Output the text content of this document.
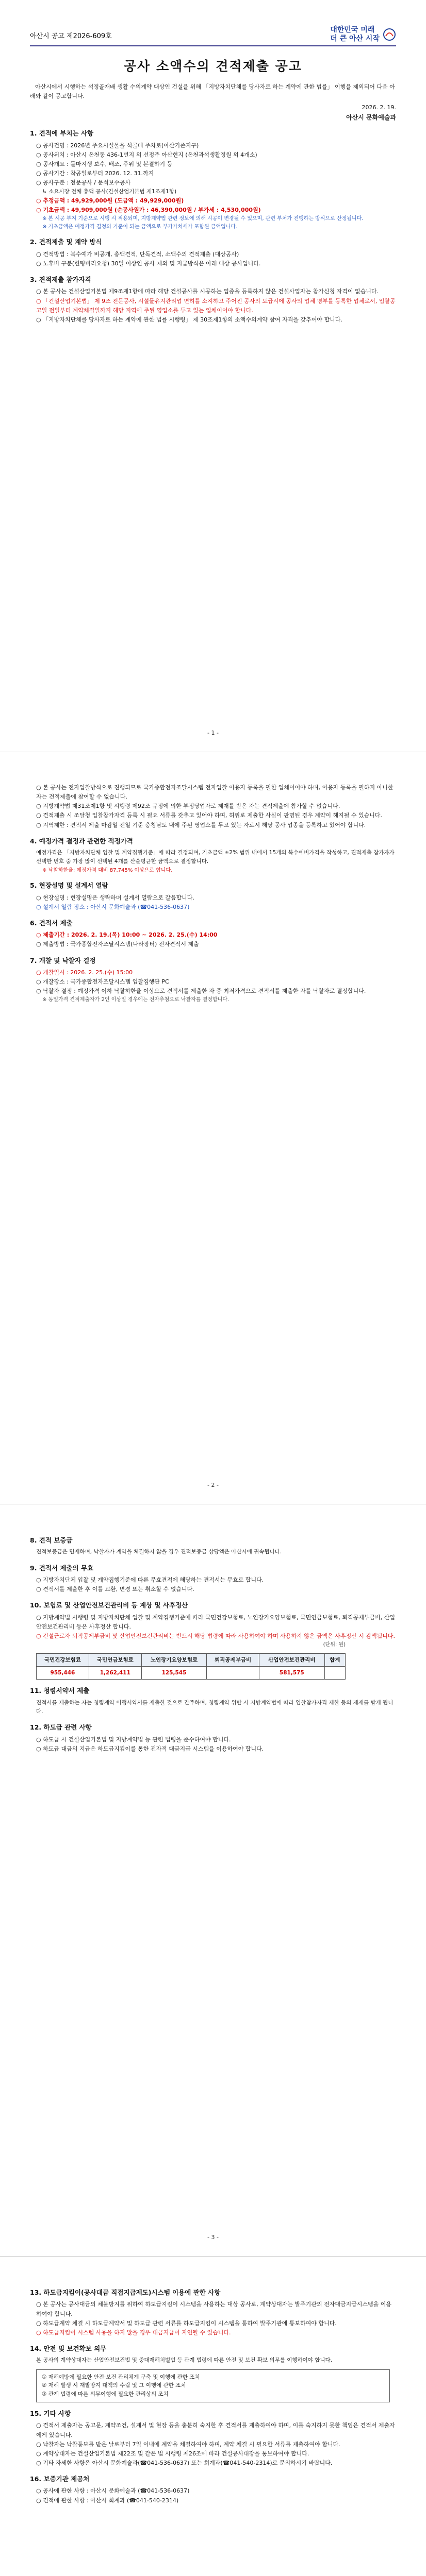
아산시 공고 제2026-609호
대한민국 미래
더 큰 아산 시작
공사 소액수의 견적제출 공고
아산시에서 시행하는 석정골재배 생활 수의계약 대상인 건설을 위해 「지방자치단체를 당사자로 하는 계약에 관한 법률」 이행을 제외되어 다음 아래와 같이 공고합니다.
2026. 2. 19.
아산시 문화예술과
1. 견적에 부치는 사항
○ 공사건명 : 2026년 주요시설물을 석골배 주차로(아산기존지구)
○ 공사위치 : 아산시 온천동 436-1번지 외 선정주 아산현지 (온천과석생활정원 외 4개소)
○ 공사개요 : 돌마지생 보수, 배조, 주위 및 본결하기 등
○ 공사기간 : 착공일로부터 2026. 12. 31.까지
○ 공사구분 : 전문공사 / 문석보수공사
↳ 소요시장 전체 총액 공사(건설산업기본법 제1조제1항)
○ 추정금액 : 49,929,000원 (도급액 : 49,929,000원)
○ 기초금액 : 49,909,000원 (순공사원가 : 46,390,000원 / 부가세 : 4,530,000원)
※ 본 시공 부지 기준으로 시행 시 적용되며, 지방계약법 관련 정보에 의해 시공이 변경될 수 있으며, 관련 부처가 진행하는 방식으로 산정됩니다.
※ 기초금액은 예정가격 결정의 기준이 되는 금액으로 부가가치세가 포함된 금액입니다.
2. 견적제출 및 계약 방식
○ 견적방법 : 복수예가 비공개, 총액견적, 단독견적, 소액수의 견적제출 (대상공사)
○ 노후비 구분(헌팅비리요청) 30일 이상인 공사 제외 및 지급방식은 아래 대상 공사입니다.
3. 견적제출 참가자격
○ 본 공사는 건설산업기본법 제9조제1항에 따라 해당 건설공사를 시공하는 업종을 등록하지 않은 건설사업자는 참가신청 자격이 없습니다.
○ 「건설산업기본법」 제 9조 전문공사, 시설물유지관리업 면허를 소지하고 주어진 공사의 도급시에 공사의 업체 명부를 등록한 업체로서, 입찰공고일 전일부터 계약체결일까지 해당 지역에 주된 영업소를 두고 있는 업체이어야 합니다.
○ 「지방자치단체를 당사자로 하는 계약에 관한 법률 시행령」 제 30조제1항의 소액수의계약 참여 자격을 갖추어야 합니다.
- 1 -
○ 본 공사는 전자입찰방식으로 진행되므로 국가종합전자조달시스템 전자입찰 이용자 등록을 필한 업체이어야 하며, 이용자 등록을 필하지 아니한 자는 견적제출에 참여할 수 없습니다.
○ 지방계약법 제31조제1항 및 시행령 제92조 규정에 의한 부정당업자로 제재를 받은 자는 견적제출에 참가할 수 없습니다.
○ 견적제출 시 조달청 입찰참가자격 등록 시 필요 서류를 갖추고 있어야 하며, 허위로 제출한 사실이 판명된 경우 계약이 해지될 수 있습니다.
○ 지역제한 : 견적서 제출 마감일 전일 기준 충청남도 내에 주된 영업소를 두고 있는 자로서 해당 공사 업종을 등록하고 있어야 합니다.
4. 예정가격 결정과 관련한 적정가격
예정가격은 「지방자치단체 입찰 및 계약집행기준」에 따라 결정되며, 기초금액 ±2% 범위 내에서 15개의 복수예비가격을 작성하고, 견적제출 참가자가 선택한 번호 중 가장 많이 선택된 4개를 산술평균한 금액으로 결정합니다.
※ 낙찰하한율: 예정가격 대비 87.745% 이상으로 합니다.
5. 현장설명 및 설계서 열람
○ 현장설명 : 현장설명은 생략하며 설계서 열람으로 갈음합니다.
○ 설계서 열람 장소 : 아산시 문화예술과 (☎041-536-0637)
6. 견적서 제출
○ 제출기간 : 2026. 2. 19.(목) 10:00 ~ 2026. 2. 25.(수) 14:00
○ 제출방법 : 국가종합전자조달시스템(나라장터) 전자견적서 제출
7. 개찰 및 낙찰자 결정
○ 개찰일시 : 2026. 2. 25.(수) 15:00
○ 개찰장소 : 국가종합전자조달시스템 입찰집행관 PC
○ 낙찰자 결정 : 예정가격 이하 낙찰하한율 이상으로 견적서를 제출한 자 중 최저가격으로 견적서를 제출한 자를 낙찰자로 결정합니다.
※ 동일가격 견적제출자가 2인 이상일 경우에는 전자추첨으로 낙찰자를 결정합니다.
- 2 -
8. 견적 보증금
견적보증금은 면제하며, 낙찰자가 계약을 체결하지 않을 경우 견적보증금 상당액은 아산시에 귀속됩니다.
9. 견적서 제출의 무효
○ 지방자치단체 입찰 및 계약집행기준에 따른 무효견적에 해당하는 견적서는 무효로 합니다.
○ 견적서를 제출한 후 이를 교환, 변경 또는 취소할 수 없습니다.
10. 보험료 및 산업안전보건관리비 등 계상 및 사후정산
○ 지방계약법 시행령 및 지방자치단체 입찰 및 계약집행기준에 따라 국민건강보험료, 노인장기요양보험료, 국민연금보험료, 퇴직공제부금비, 산업안전보건관리비 등은 사후정산 합니다.
○ 건설근로자 퇴직공제부금비 및 산업안전보건관리비는 반드시 해당 법령에 따라 사용하여야 하며 사용하지 않은 금액은 사후정산 시 감액됩니다.
(단위: 원)
국민건강보험료	국민연금보험료	노인장기요양보험료	퇴직공제부금비	산업안전보건관리비	합계
955,446	1,262,411	125,545		581,575	
11. 청렴서약서 제출
견적서를 제출하는 자는 청렴계약 이행서약서를 제출한 것으로 간주하며, 청렴계약 위반 시 지방계약법에 따라 입찰참가자격 제한 등의 제재를 받게 됩니다.
12. 하도급 관련 사항
○ 하도급 시 건설산업기본법 및 지방계약법 등 관련 법령을 준수하여야 합니다.
○ 하도급 대금의 지급은 하도급지킴이를 통한 전자적 대금지급 시스템을 이용하여야 합니다.
- 3 -
13. 하도급지킴이(공사대금 직접지급제도)시스템 이용에 관한 사항
○ 본 공사는 공사대금의 체불방지를 위하여 하도급지킴이 시스템을 사용하는 대상 공사로, 계약상대자는 발주기관의 전자대금지급시스템을 이용하여야 합니다.
○ 하도급계약 체결 시 하도급계약서 및 하도급 관련 서류를 하도급지킴이 시스템을 통하여 발주기관에 통보하여야 합니다.
○ 하도급지킴이 시스템 사용을 하지 않을 경우 대금지급이 지연될 수 있습니다.
14. 안전 및 보건확보 의무
본 공사의 계약상대자는 산업안전보건법 및 중대재해처벌법 등 관계 법령에 따른 안전 및 보건 확보 의무를 이행하여야 합니다.
① 재해예방에 필요한 안전·보건 관리체계 구축 및 이행에 관한 조치
② 재해 발생 시 재발방지 대책의 수립 및 그 이행에 관한 조치
③ 관계 법령에 따른 의무이행에 필요한 관리상의 조치
15. 기타 사항
○ 견적서 제출자는 공고문, 계약조건, 설계서 및 현장 등을 충분히 숙지한 후 견적서를 제출하여야 하며, 이를 숙지하지 못한 책임은 견적서 제출자에게 있습니다.
○ 낙찰자는 낙찰통보를 받은 날로부터 7일 이내에 계약을 체결하여야 하며, 계약 체결 시 필요한 서류를 제출하여야 합니다.
○ 계약상대자는 건설산업기본법 제22조 및 같은 법 시행령 제26조에 따라 건설공사대장을 통보하여야 합니다.
○ 기타 자세한 사항은 아산시 문화예술과(☎041-536-0637) 또는 회계과(☎041-540-2314)로 문의하시기 바랍니다.
16. 보증기관 제공처
○ 공사에 관한 사항 : 아산시 문화예술과 (☎041-536-0637)
○ 견적에 관한 사항 : 아산시 회계과 (☎041-540-2314)
